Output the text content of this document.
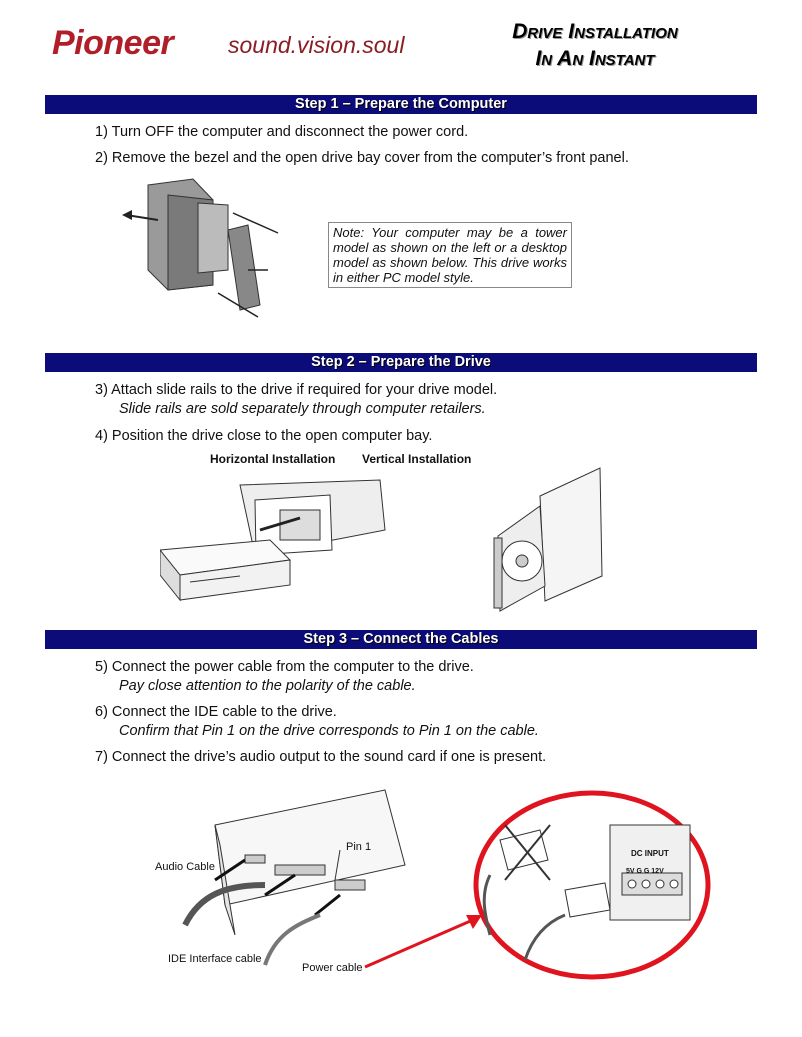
Pioneer sound.vision.soul
Drive Installation
In An Instant
Step 1 – Prepare the Computer
1) Turn OFF the computer and disconnect the power cord.
2) Remove the bezel and the open drive bay cover from the computer’s front panel.
Note: Your computer may be a tower model as shown on the left or a desktop model as shown below. This drive works in either PC model style.
Step 2 – Prepare the Drive
3) Attach slide rails to the drive if required for your drive model.
Slide rails are sold separately through computer retailers.
4) Position the drive close to the open computer bay.
Horizontal Installation Vertical Installation
Step 3 – Connect the Cables
5) Connect the power cable from the computer to the drive.
Pay close attention to the polarity of the cable.
6) Connect the IDE cable to the drive.
Confirm that Pin 1 on the drive corresponds to Pin 1 on the cable.
7) Connect the drive’s audio output to the sound card if one is present.
Audio Cable
Pin 1
IDE Interface cable
Power cable
DC INPUT
5V G G 12V
